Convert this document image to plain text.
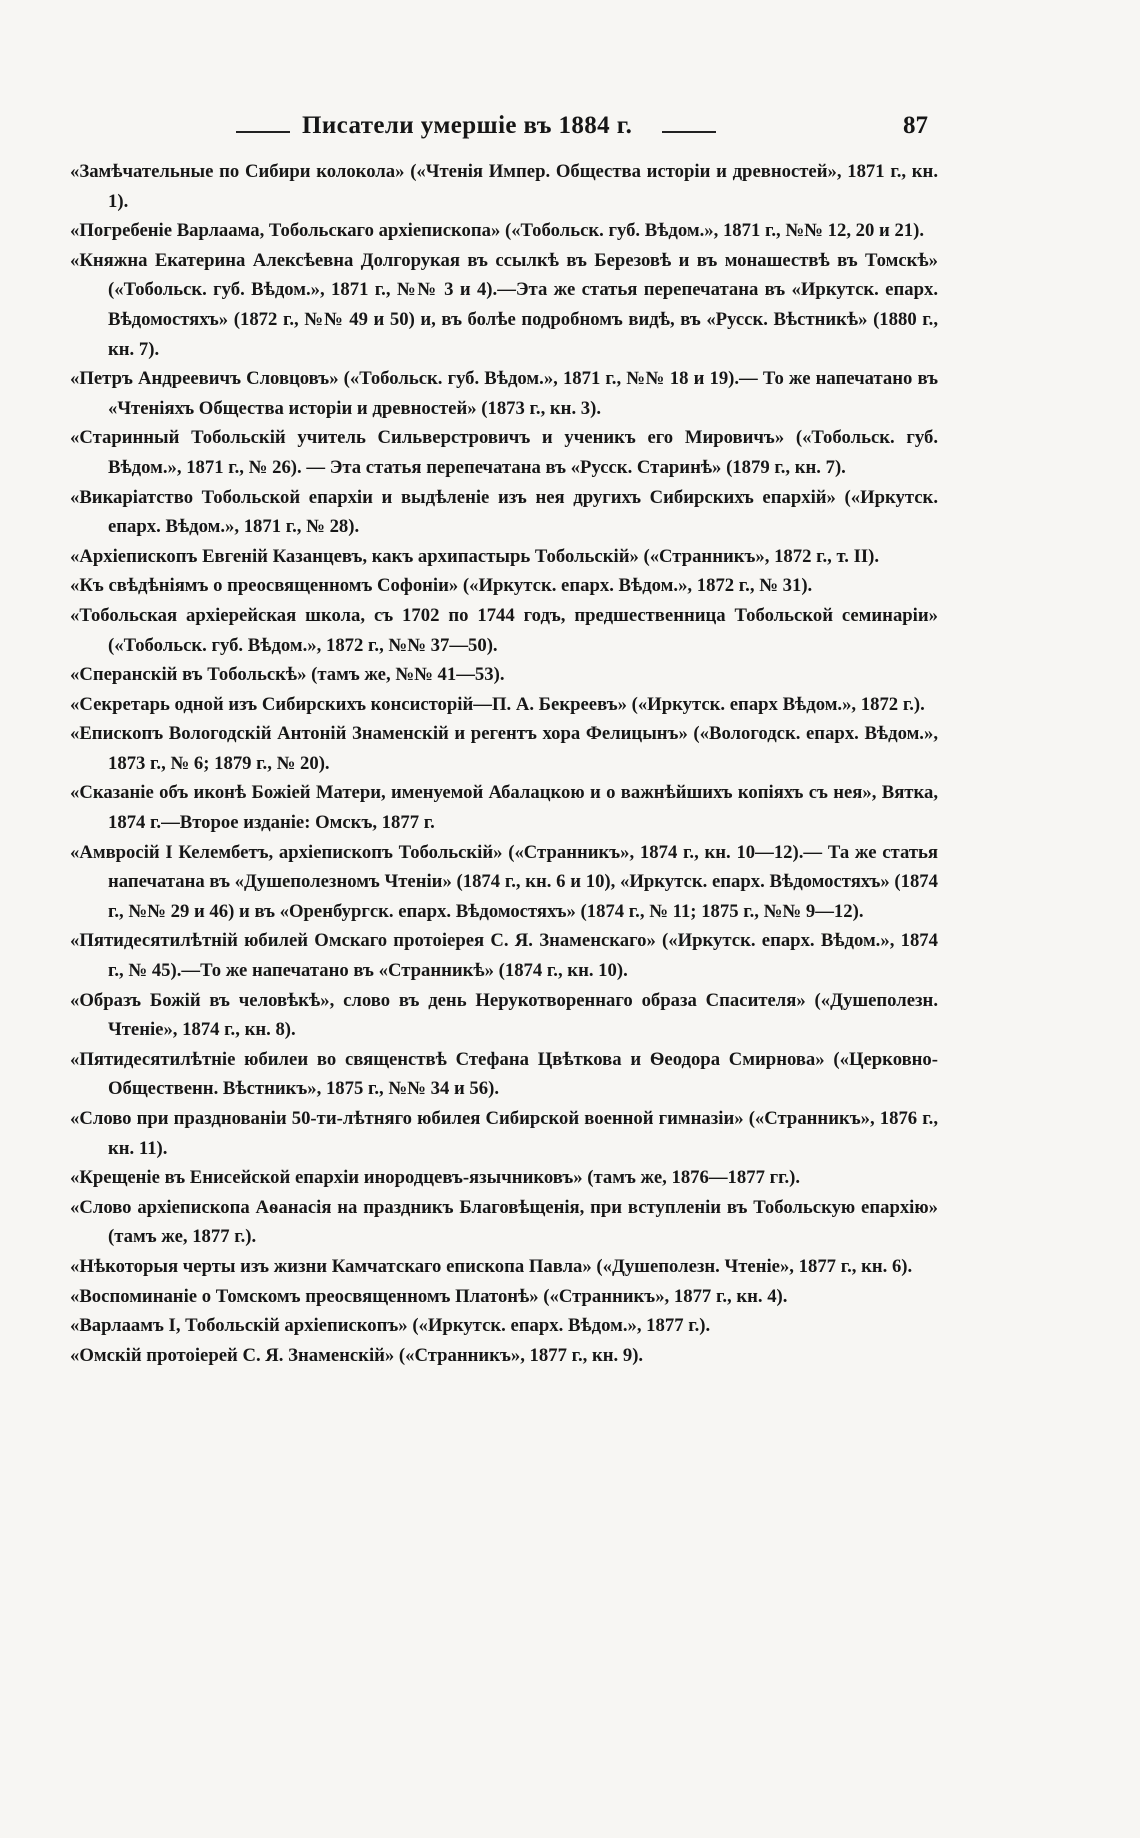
Писатели умершіе въ 1884 г.	87

«Замѣчательные по Сибири колокола» («Чтенія Импер. Общества исторіи и древностей», 1871 г., кн. 1).

«Погребеніе Варлаама, Тобольскаго архіепископа» («Тобольск. губ. Вѣдом.», 1871 г., №№ 12, 20 и 21).

«Княжна Екатерина Алексѣевна Долгорукая въ ссылкѣ въ Березовѣ и въ монашествѣ въ Томскѣ» («Тобольск. губ. Вѣдом.», 1871 г., №№ 3 и 4).—Эта же статья перепечатана въ «Иркутск. епарх. Вѣдомостяхъ» (1872 г., №№ 49 и 50) и, въ болѣе подробномъ видѣ, въ «Русск. Вѣстникѣ» (1880 г., кн. 7).

«Петръ Андреевичъ Словцовъ» («Тобольск. губ. Вѣдом.», 1871 г., №№ 18 и 19).— То же напечатано въ «Чтеніяхъ Общества исторіи и древностей» (1873 г., кн. 3).

«Старинный Тобольскій учитель Сильверстровичъ и ученикъ его Мировичъ» («Тобольск. губ. Вѣдом.», 1871 г., № 26). — Эта статья перепечатана въ «Русск. Старинѣ» (1879 г., кн. 7).

«Викаріатство Тобольской епархіи и выдѣленіе изъ нея другихъ Сибирскихъ епархій» («Иркутск. епарх. Вѣдом.», 1871 г., № 28).

«Архіепископъ Евгеній Казанцевъ, какъ архипастырь Тобольскій» («Странникъ», 1872 г., т. II).

«Къ свѣдѣніямъ о преосвященномъ Софоніи» («Иркутск. епарх. Вѣдом.», 1872 г., № 31).

«Тобольская архіерейская школа, съ 1702 по 1744 годъ, предшественница Тобольской семинаріи» («Тобольск. губ. Вѣдом.», 1872 г., №№ 37—50).

«Сперанскій въ Тобольскѣ» (тамъ же, №№ 41—53).

«Секретарь одной изъ Сибирскихъ консисторій—П. А. Бекреевъ» («Иркутск. епарх Вѣдом.», 1872 г.).

«Епископъ Вологодскій Антоній Знаменскій и регентъ хора Фелицынъ» («Вологодск. епарх. Вѣдом.», 1873 г., № 6; 1879 г., № 20).

«Сказаніе объ иконѣ Божіей Матери, именуемой Абалацкою и о важнѣйшихъ копіяхъ съ нея», Вятка, 1874 г.—Второе изданіе: Омскъ, 1877 г.

«Амвросій I Келембетъ, архіепископъ Тобольскій» («Странникъ», 1874 г., кн. 10—12).— Та же статья напечатана въ «Душеполезномъ Чтеніи» (1874 г., кн. 6 и 10), «Иркутск. епарх. Вѣдомостяхъ» (1874 г., №№ 29 и 46) и въ «Оренбургск. епарх. Вѣдомостяхъ» (1874 г., № 11; 1875 г., №№ 9—12).

«Пятидесятилѣтній юбилей Омскаго протоіерея С. Я. Знаменскаго» («Иркутск. епарх. Вѣдом.», 1874 г., № 45).—То же напечатано въ «Странникѣ» (1874 г., кн. 10).

«Образъ Божій въ человѣкѣ», слово въ день Нерукотвореннаго образа Спасителя» («Душеполезн. Чтеніе», 1874 г., кн. 8).

«Пятидесятилѣтніе юбилеи во священствѣ Стефана Цвѣткова и Ѳеодора Смирнова» («Церковно-Общественн. Вѣстникъ», 1875 г., №№ 34 и 56).

«Слово при празднованіи 50-ти-лѣтняго юбилея Сибирской военной гимназіи» («Странникъ», 1876 г., кн. 11).

«Крещеніе въ Енисейской епархіи инородцевъ-язычниковъ» (тамъ же, 1876—1877 гг.).

«Слово архіепископа Аѳанасія на праздникъ Благовѣщенія, при вступленіи въ Тобольскую епархію» (тамъ же, 1877 г.).

«Нѣкоторыя черты изъ жизни Камчатскаго епископа Павла» («Душеполезн. Чтеніе», 1877 г., кн. 6).

«Воспоминаніе о Томскомъ преосвященномъ Платонѣ» («Странникъ», 1877 г., кн. 4).

«Варлаамъ I, Тобольскій архіепископъ» («Иркутск. епарх. Вѣдом.», 1877 г.).

«Омскій протоіерей С. Я. Знаменскій» («Странникъ», 1877 г., кн. 9).
